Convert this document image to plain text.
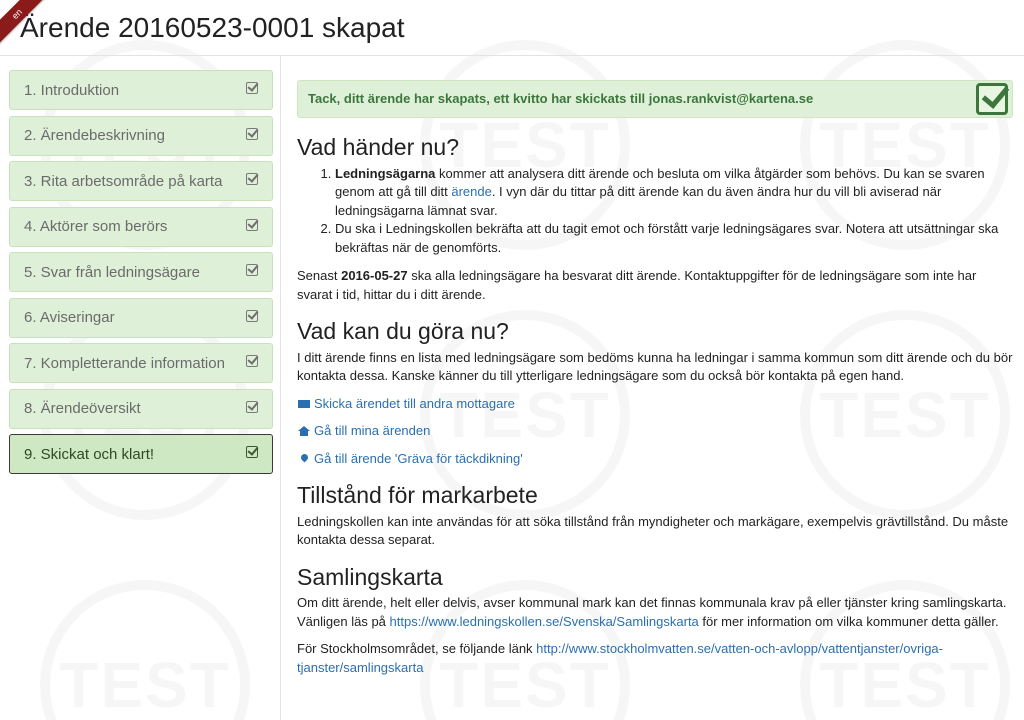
en
Ärende 20160523-0001 skapat
1. Introduktion
2. Ärendebeskrivning
3. Rita arbetsområde på karta
4. Aktörer som berörs
5. Svar från ledningsägare
6. Aviseringar
7. Kompletterande information
8. Ärendeöversikt
9. Skickat och klart!
Tack, ditt ärende har skapats, ett kvitto har skickats till jonas.rankvist@kartena.se
Vad händer nu?
1. Ledningsägarna kommer att analysera ditt ärende och besluta om vilka åtgärder som behövs. Du kan se svaren genom att gå till ditt ärende. I vyn där du tittar på ditt ärende kan du även ändra hur du vill bli aviserad när ledningsägarna lämnat svar.
2. Du ska i Ledningskollen bekräfta att du tagit emot och förstått varje ledningsägares svar. Notera att utsättningar ska bekräftas när de genomförts.

Senast 2016-05-27 ska alla ledningsägare ha besvarat ditt ärende. Kontaktuppgifter för de ledningsägare som inte har svarat i tid, hittar du i ditt ärende.

Vad kan du göra nu?

I ditt ärende finns en lista med ledningsägare som bedöms kunna ha ledningar i samma kommun som ditt ärende och du bör kontakta dessa. Kanske känner du till ytterligare ledningsägare som du också bör kontakta på egen hand.

Skicka ärendet till andra mottagare
Gå till mina ärenden
Gå till ärende 'Gräva för täckdikning'
Tillstånd för markarbete

Ledningskollen kan inte användas för att söka tillstånd från myndigheter och markägare, exempelvis grävtillstånd. Du måste kontakta dessa separat.

Samlingskarta

Om ditt ärende, helt eller delvis, avser kommunal mark kan det finnas kommunala krav på eller tjänster kring samlingskarta. Vänligen läs på https://www.ledningskollen.se/Svenska/Samlingskarta för mer information om vilka kommuner detta gäller.

För Stockholmsområdet, se följande länk http://www.stockholmvatten.se/vatten-och-avlopp/vattentjanster/ovriga-tjanster/samlingskarta
